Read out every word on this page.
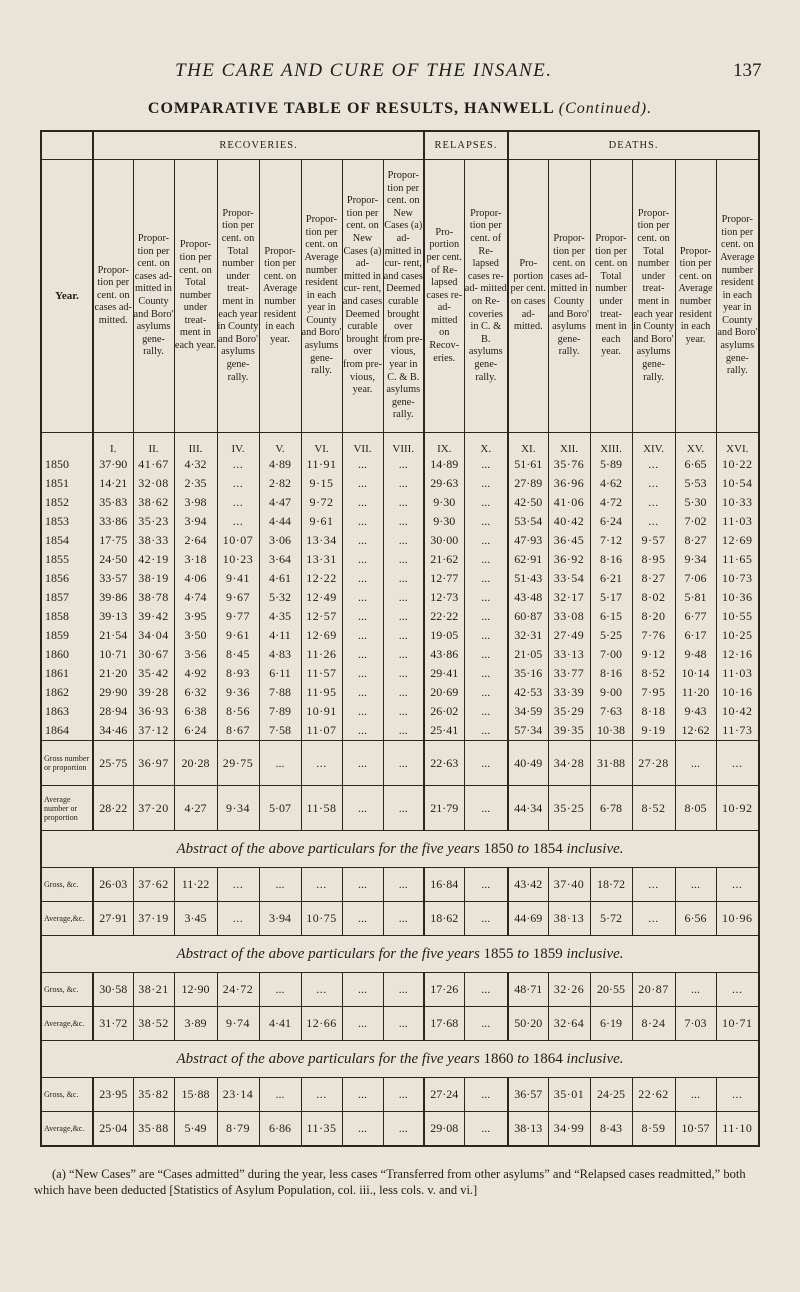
THE CARE AND CURE OF THE INSANE.	137
COMPARATIVE TABLE OF RESULTS, HANWELL (Continued).
	RECOVERIES.								RELAPSES.		DEATHS.					
Year.	Propor- tion per cent. on cases ad- mitted.	Propor- tion per cent. on cases ad- mitted in County and Boro' asylums gene- rally.	Propor- tion per cent. on Total number under treat- ment in each year.	Propor- tion per cent. on Total number under treat- ment in each year in County and Boro' asylums gene- rally.	Propor- tion per cent. on Average number resident in each year.	Propor- tion per cent. on Average number resident in each year in County and Boro' asylums gene- rally.	Propor- tion per cent. on New Cases (a) ad- mitted in cur- rent, and cases Deemed curable brought over from pre- vious, year.	Propor- tion per cent. on New Cases (a) ad- mitted in cur- rent, and cases Deemed curable brought over from pre- vious, year in C. & B. asylums gene- rally.	Pro- portion per cent. of Re- lapsed cases re-ad- mitted on Recov- eries.	Propor- tion per cent. of Re- lapsed cases re-ad- mitted on Re- coveries in C. & B. asylums gene- rally.	Pro- portion per cent. on cases ad- mitted.	Propor- tion per cent. on cases ad- mitted in County and Boro' asylums gene- rally.	Propor- tion per cent. on Total number under treat- ment in each year.	Propor- tion per cent. on Total number under treat- ment in each year in County and Boro' asylums gene- rally.	Propor- tion per cent. on Average number resident in each year.	Propor- tion per cent. on Average number resident in each year in County and Boro' asylums gene- rally.
	I.	II.	III.	IV.	V.	VI.	VII.	VIII.	IX.	X.	XI.	XII.	XIII.	XIV.	XV.	XVI.
1850	37·90	41·67	4·32	...	4·89	11·91	...	...	14·89	...	51·61	35·76	5·89	...	6·65	10·22
1851	14·21	32·08	2·35	...	2·82	9·15	...	...	29·63	...	27·89	36·96	4·62	...	5·53	10·54
1852	35·83	38·62	3·98	...	4·47	9·72	...	...	9·30	...	42·50	41·06	4·72	...	5·30	10·33
1853	33·86	35·23	3·94	...	4·44	9·61	...	...	9·30	...	53·54	40·42	6·24	...	7·02	11·03
1854	17·75	38·33	2·64	10·07	3·06	13·34	...	...	30·00	...	47·93	36·45	7·12	9·57	8·27	12·69
1855	24·50	42·19	3·18	10·23	3·64	13·31	...	...	21·62	...	62·91	36·92	8·16	8·95	9·34	11·65
1856	33·57	38·19	4·06	9·41	4·61	12·22	...	...	12·77	...	51·43	33·54	6·21	8·27	7·06	10·73
1857	39·86	38·78	4·74	9·67	5·32	12·49	...	...	12·73	...	43·48	32·17	5·17	8·02	5·81	10·36
1858	39·13	39·42	3·95	9·77	4·35	12·57	...	...	22·22	...	60·87	33·08	6·15	8·20	6·77	10·55
1859	21·54	34·04	3·50	9·61	4·11	12·69	...	...	19·05	...	32·31	27·49	5·25	7·76	6·17	10·25
1860	10·71	30·67	3·56	8·45	4·83	11·26	...	...	43·86	...	21·05	33·13	7·00	9·12	9·48	12·16
1861	21·20	35·42	4·92	8·93	6·11	11·57	...	...	29·41	...	35·16	33·77	8·16	8·52	10·14	11·03
1862	29·90	39·28	6·32	9·36	7·88	11·95	...	...	20·69	...	42·53	33·39	9·00	7·95	11·20	10·16
1863	28·94	36·93	6·38	8·56	7·89	10·91	...	...	26·02	...	34·59	35·29	7·63	8·18	9·43	10·42
1864	34·46	37·12	6·24	8·67	7·58	11·07	...	...	25·41	...	57·34	39·35	10·38	9·19	12·62	11·73
Gross number or proportion	25·75	36·97	20·28	29·75	...	...	...	...	22·63	...	40·49	34·28	31·88	27·28	...	...
Average number or proportion	28·22	37·20	4·27	9·34	5·07	11·58	...	...	21·79	...	44·34	35·25	6·78	8·52	8·05	10·92
Abstract of the above particulars for the five years 1850 to 1854 inclusive.																
Gross, &c.	26·03	37·62	11·22	...	...	...	...	...	16·84	...	43·42	37·40	18·72	...	...	...
Average,&c.	27·91	37·19	3·45	...	3·94	10·75	...	...	18·62	...	44·69	38·13	5·72	...	6·56	10·96
Abstract of the above particulars for the five years 1855 to 1859 inclusive.																
Gross, &c.	30·58	38·21	12·90	24·72	...	...	...	...	17·26	...	48·71	32·26	20·55	20·87	...	...
Average,&c.	31·72	38·52	3·89	9·74	4·41	12·66	...	...	17·68	...	50·20	32·64	6·19	8·24	7·03	10·71
Abstract of the above particulars for the five years 1860 to 1864 inclusive.																
Gross, &c.	23·95	35·82	15·88	23·14	...	...	...	...	27·24	...	36·57	35·01	24·25	22·62	...	...
Average,&c.	25·04	35·88	5·49	8·79	6·86	11·35	...	...	29·08	...	38·13	34·99	8·43	8·59	10·57	11·10
(a) “New Cases” are “Cases admitted” during the year, less cases “Transferred from other asylums” and “Relapsed cases readmitted,” both which have been deducted [Statistics of Asylum Population, col. iii., less cols. v. and vi.]
